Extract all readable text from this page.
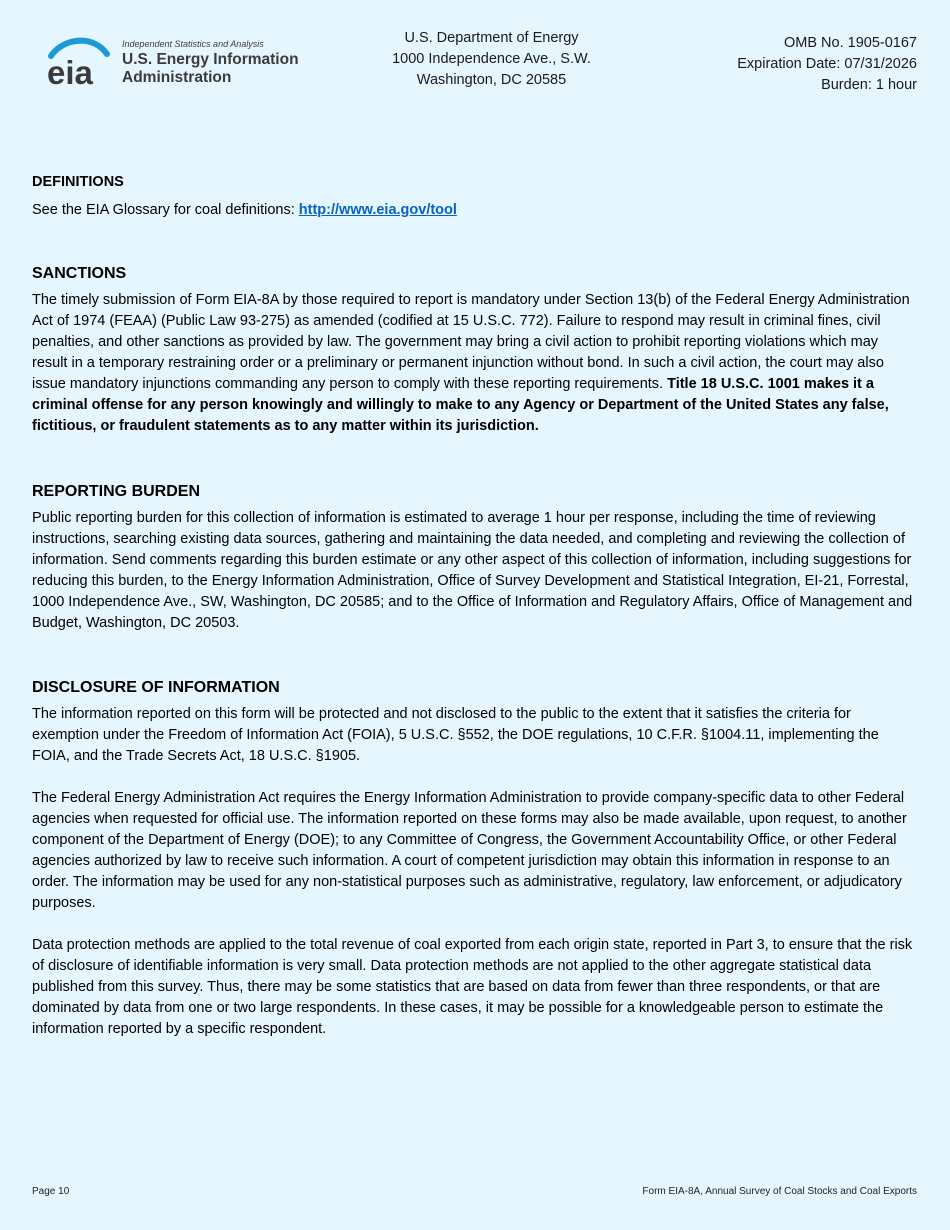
eia
Independent Statistics and Analysis
U.S. Energy Information
Administration
U.S. Department of Energy
1000 Independence Ave., S.W.
Washington, DC 20585
OMB No. 1905-0167
Expiration Date: 07/31/2026
Burden: 1 hour
DEFINITIONS

See the EIA Glossary for coal definitions: http://www.eia.gov/tool

SANCTIONS

The timely submission of Form EIA-8A by those required to report is mandatory under Section 13(b) of the Federal Energy Administration Act of 1974 (FEAA) (Public Law 93-275) as amended (codified at 15 U.S.C. 772). Failure to respond may result in criminal fines, civil penalties, and other sanctions as provided by law. The government may bring a civil action to prohibit reporting violations which may result in a temporary restraining order or a preliminary or permanent injunction without bond. In such a civil action, the court may also issue mandatory injunctions commanding any person to comply with these reporting requirements. Title 18 U.S.C. 1001 makes it a criminal offense for any person knowingly and willingly to make to any Agency or Department of the United States any false, fictitious, or fraudulent statements as to any matter within its jurisdiction.

REPORTING BURDEN

Public reporting burden for this collection of information is estimated to average 1 hour per response, including the time of reviewing instructions, searching existing data sources, gathering and maintaining the data needed, and completing and reviewing the collection of information. Send comments regarding this burden estimate or any other aspect of this collection of information, including suggestions for reducing this burden, to the Energy Information Administration, Office of Survey Development and Statistical Integration, EI-21, Forrestal, 1000 Independence Ave., SW, Washington, DC 20585; and to the Office of Information and Regulatory Affairs, Office of Management and Budget, Washington, DC 20503.

DISCLOSURE OF INFORMATION

The information reported on this form will be protected and not disclosed to the public to the extent that it satisfies the criteria for exemption under the Freedom of Information Act (FOIA), 5 U.S.C. §552, the DOE regulations, 10 C.F.R. §1004.11, implementing the FOIA, and the Trade Secrets Act, 18 U.S.C. §1905.

The Federal Energy Administration Act requires the Energy Information Administration to provide company-specific data to other Federal agencies when requested for official use. The information reported on these forms may also be made available, upon request, to another component of the Department of Energy (DOE); to any Committee of Congress, the Government Accountability Office, or other Federal agencies authorized by law to receive such information. A court of competent jurisdiction may obtain this information in response to an order. The information may be used for any non-statistical purposes such as administrative, regulatory, law enforcement, or adjudicatory purposes.

Data protection methods are applied to the total revenue of coal exported from each origin state, reported in Part 3, to ensure that the risk of disclosure of identifiable information is very small. Data protection methods are not applied to the other aggregate statistical data published from this survey. Thus, there may be some statistics that are based on data from fewer than three respondents, or that are dominated by data from one or two large respondents. In these cases, it may be possible for a knowledgeable person to estimate the information reported by a specific respondent.

Page 10	Form EIA-8A, Annual Survey of Coal Stocks and Coal Exports
